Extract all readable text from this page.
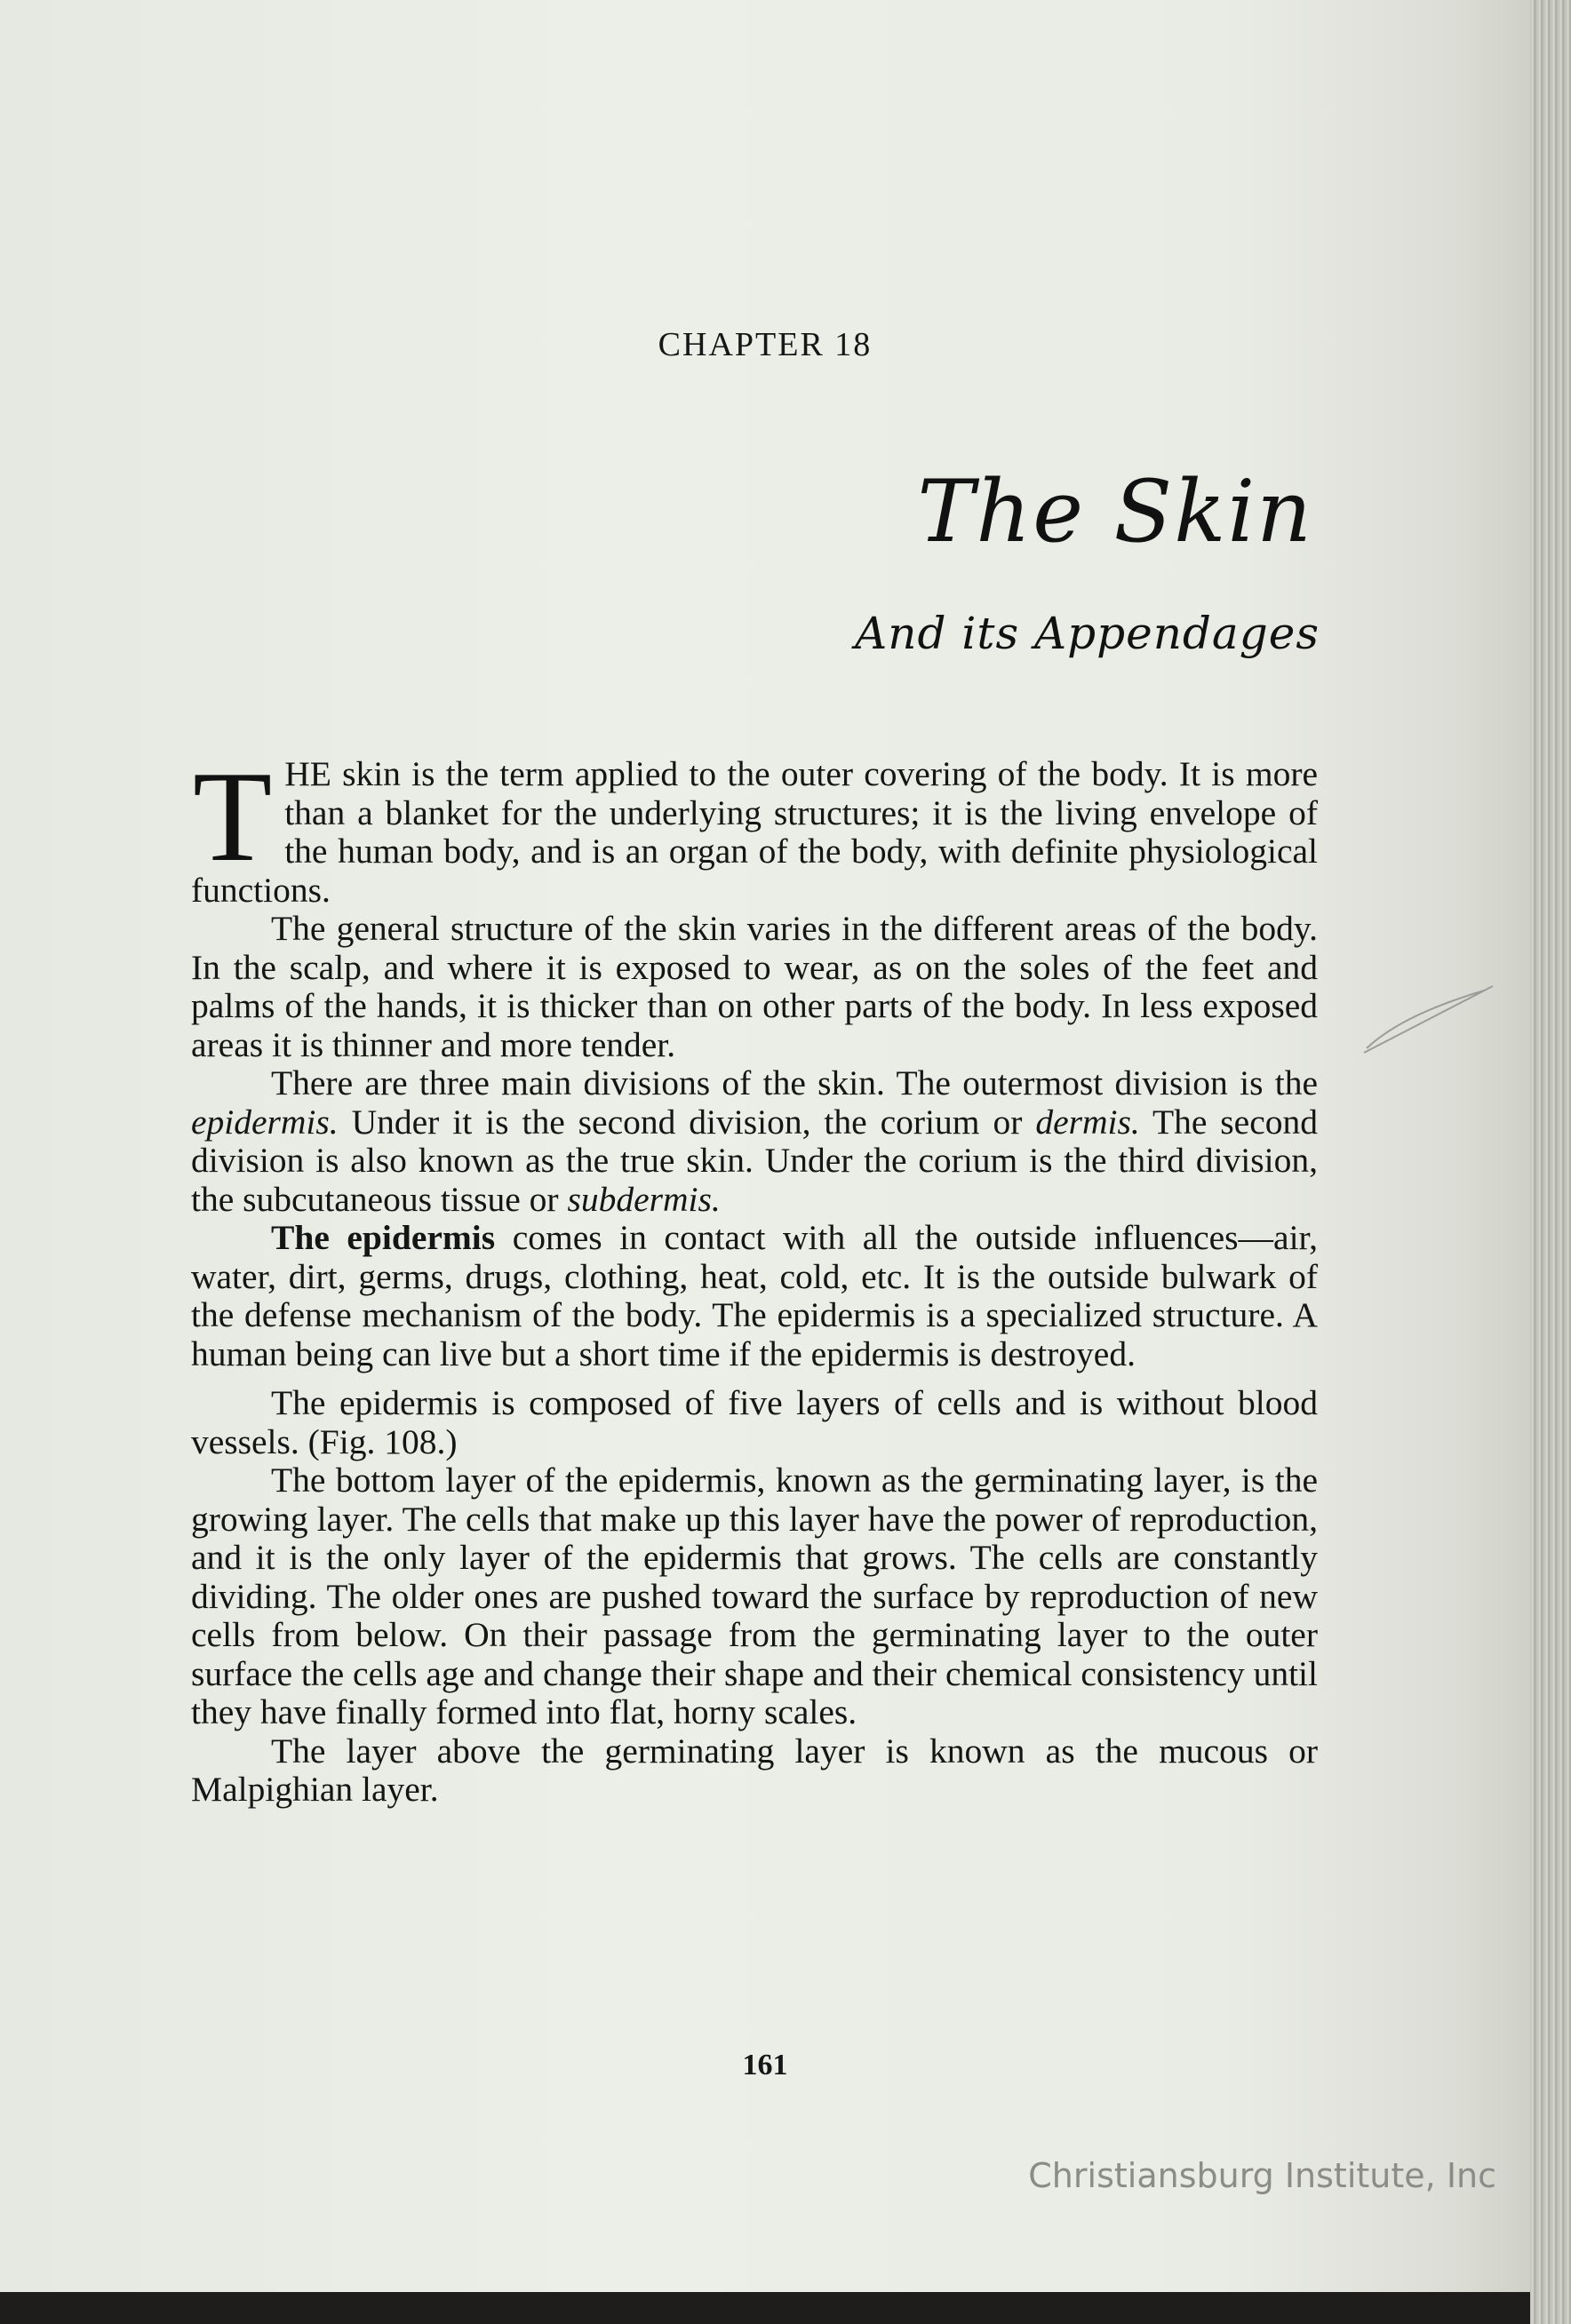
CHAPTER 18
The Skin
And its Appendages

THE skin is the term applied to the outer covering of the body. It is more than a blanket for the underlying structures; it is the living envelope of the human body, and is an organ of the body, with definite physiological functions.

The general structure of the skin varies in the different areas of the body. In the scalp, and where it is exposed to wear, as on the soles of the feet and palms of the hands, it is thicker than on other parts of the body. In less exposed areas it is thinner and more tender.

There are three main divisions of the skin. The outermost division is the epidermis. Under it is the second division, the corium or dermis. The second division is also known as the true skin. Under the corium is the third division, the subcutaneous tissue or subdermis.

The epidermis comes in contact with all the outside influences—air, water, dirt, germs, drugs, clothing, heat, cold, etc. It is the outside bulwark of the defense mechanism of the body. The epidermis is a specialized structure. A human being can live but a short time if the epidermis is destroyed.

The epidermis is composed of five layers of cells and is without blood vessels. (Fig. 108.)

The bottom layer of the epidermis, known as the germinating layer, is the growing layer. The cells that make up this layer have the power of reproduction, and it is the only layer of the epidermis that grows. The cells are constantly dividing. The older ones are pushed toward the surface by reproduction of new cells from below. On their passage from the germinating layer to the outer surface the cells age and change their shape and their chemical consistency until they have finally formed into flat, horny scales.

The layer above the germinating layer is known as the mucous or Malpighian layer.

161
Christiansburg Institute, Inc
